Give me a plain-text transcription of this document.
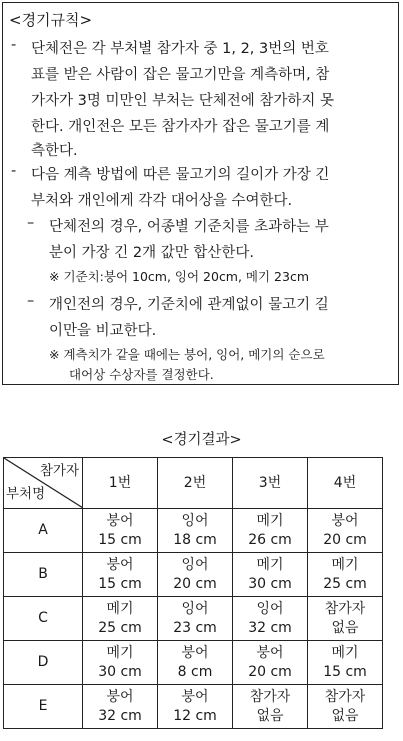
<경기규칙>
- 단체전은 각 부처별 참가자 중 1, 2, 3번의 번호
표를 받은 사람이 잡은 물고기만을 계측하며, 참
가자가 3명 미만인 부처는 단체전에 참가하지 못
한다. 개인전은 모든 참가자가 잡은 물고기를 계
측한다.
- 다음 계측 방법에 따른 물고기의 길이가 가장 긴
부처와 개인에게 각각 대어상을 수여한다.
– 단체전의 경우, 어종별 기준치를 초과하는 부
분이 가장 긴 2개 값만 합산한다.
※ 기준치:붕어 10cm, 잉어 20cm, 메기 23cm
– 개인전의 경우, 기준치에 관계없이 물고기 길
이만을 비교한다.
※ 계측치가 같을 때에는 붕어, 잉어, 메기의 순으로
대어상 수상자를 결정한다.
<경기결과>
참가자
부처명	1번	2번	3번	4번
A	붕어
15 cm	잉어
18 cm	메기
26 cm	붕어
20 cm

B	붕어
15 cm	잉어
20 cm	메기
30 cm	메기
25 cm

C	메기
25 cm	잉어
23 cm	잉어
32 cm	참가자
없음

D	메기
30 cm	붕어
8 cm	붕어
20 cm	메기
15 cm

E	붕어
32 cm	붕어
12 cm	참가자
없음	참가자
없음
